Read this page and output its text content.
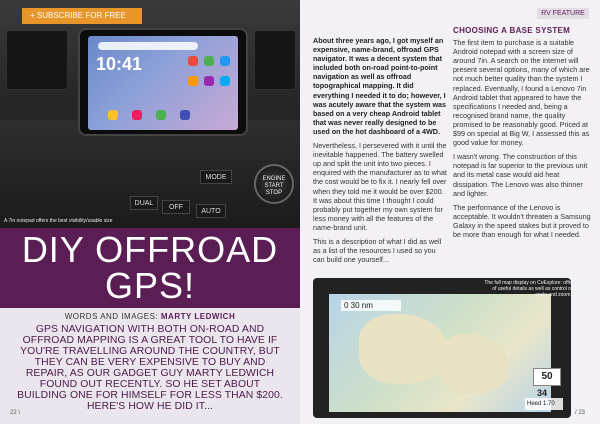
10:41
MODE
DUAL
OFF
AUTO
ENGINE
START
STOP
A 7in notepad offers the best visibility/usable size
+ SUBSCRIBE FOR FREE
DIY OFFROAD
GPS!
WORDS AND IMAGES: MARTY LEDWICH
GPS NAVIGATION WITH BOTH ON-ROAD AND OFFROAD MAPPING IS A GREAT TOOL TO HAVE IF YOU'RE TRAVELLING AROUND THE COUNTRY, BUT THEY CAN BE VERY EXPENSIVE TO BUY AND REPAIR, AS OUR GADGET GUY MARTY LEDWICH FOUND OUT RECENTLY. SO HE SET ABOUT BUILDING ONE FOR HIMSELF FOR LESS THAN $200. HERE'S HOW HE DID IT...
22 \
RV FEATURE

About three years ago, I got myself an expensive, name-brand, offroad GPS navigator. It was a decent system that included both on-road point-to-point navigation as well as offroad topographical mapping. It did everything I needed it to do; however, I was acutely aware that the system was based on a very cheap Android tablet that was never really designed to be used on the hot dashboard of a 4WD.

Nevertheless, I persevered with it until the inevitable happened. The battery swelled up and split the unit into two pieces. I enquired with the manufacturer as to what the cost would be to fix it. I nearly fell over when they told me it would be over $200. It was about this time I thought I could probably put together my own system for less money with all the features of the name-brand unit.

This is a description of what I did as well as a list of the resources I used so you can build one yourself...

CHOOSING A BASE SYSTEM

The first item to purchase is a suitable Android notepad with a screen size of around 7in. A search on the internet will present several options, many of which are not much better quality than the system I replaced. Eventually, I found a Lenovo 7in Android tablet that appeared to have the specifications I needed and, being a recognised brand name, the quality promised to be reasonably good. Priced at $99 on special at Big W, I assessed this as good value for money.

I wasn't wrong. The construction of this notepad is far superior to the previous unit and its metal case would aid heat dissipation. The Lenovo was also thinner and lighter.

The performance of the Lenovo is acceptable. It wouldn't threaten a Samsung Galaxy in the speed stakes but it proved to be more than enough for what I needed.

0 30 nm
50
34
Heed 1.70
The full map display on CoExplore: offers loads of useful details as well as control over map scale and zoom settings
/ 23
